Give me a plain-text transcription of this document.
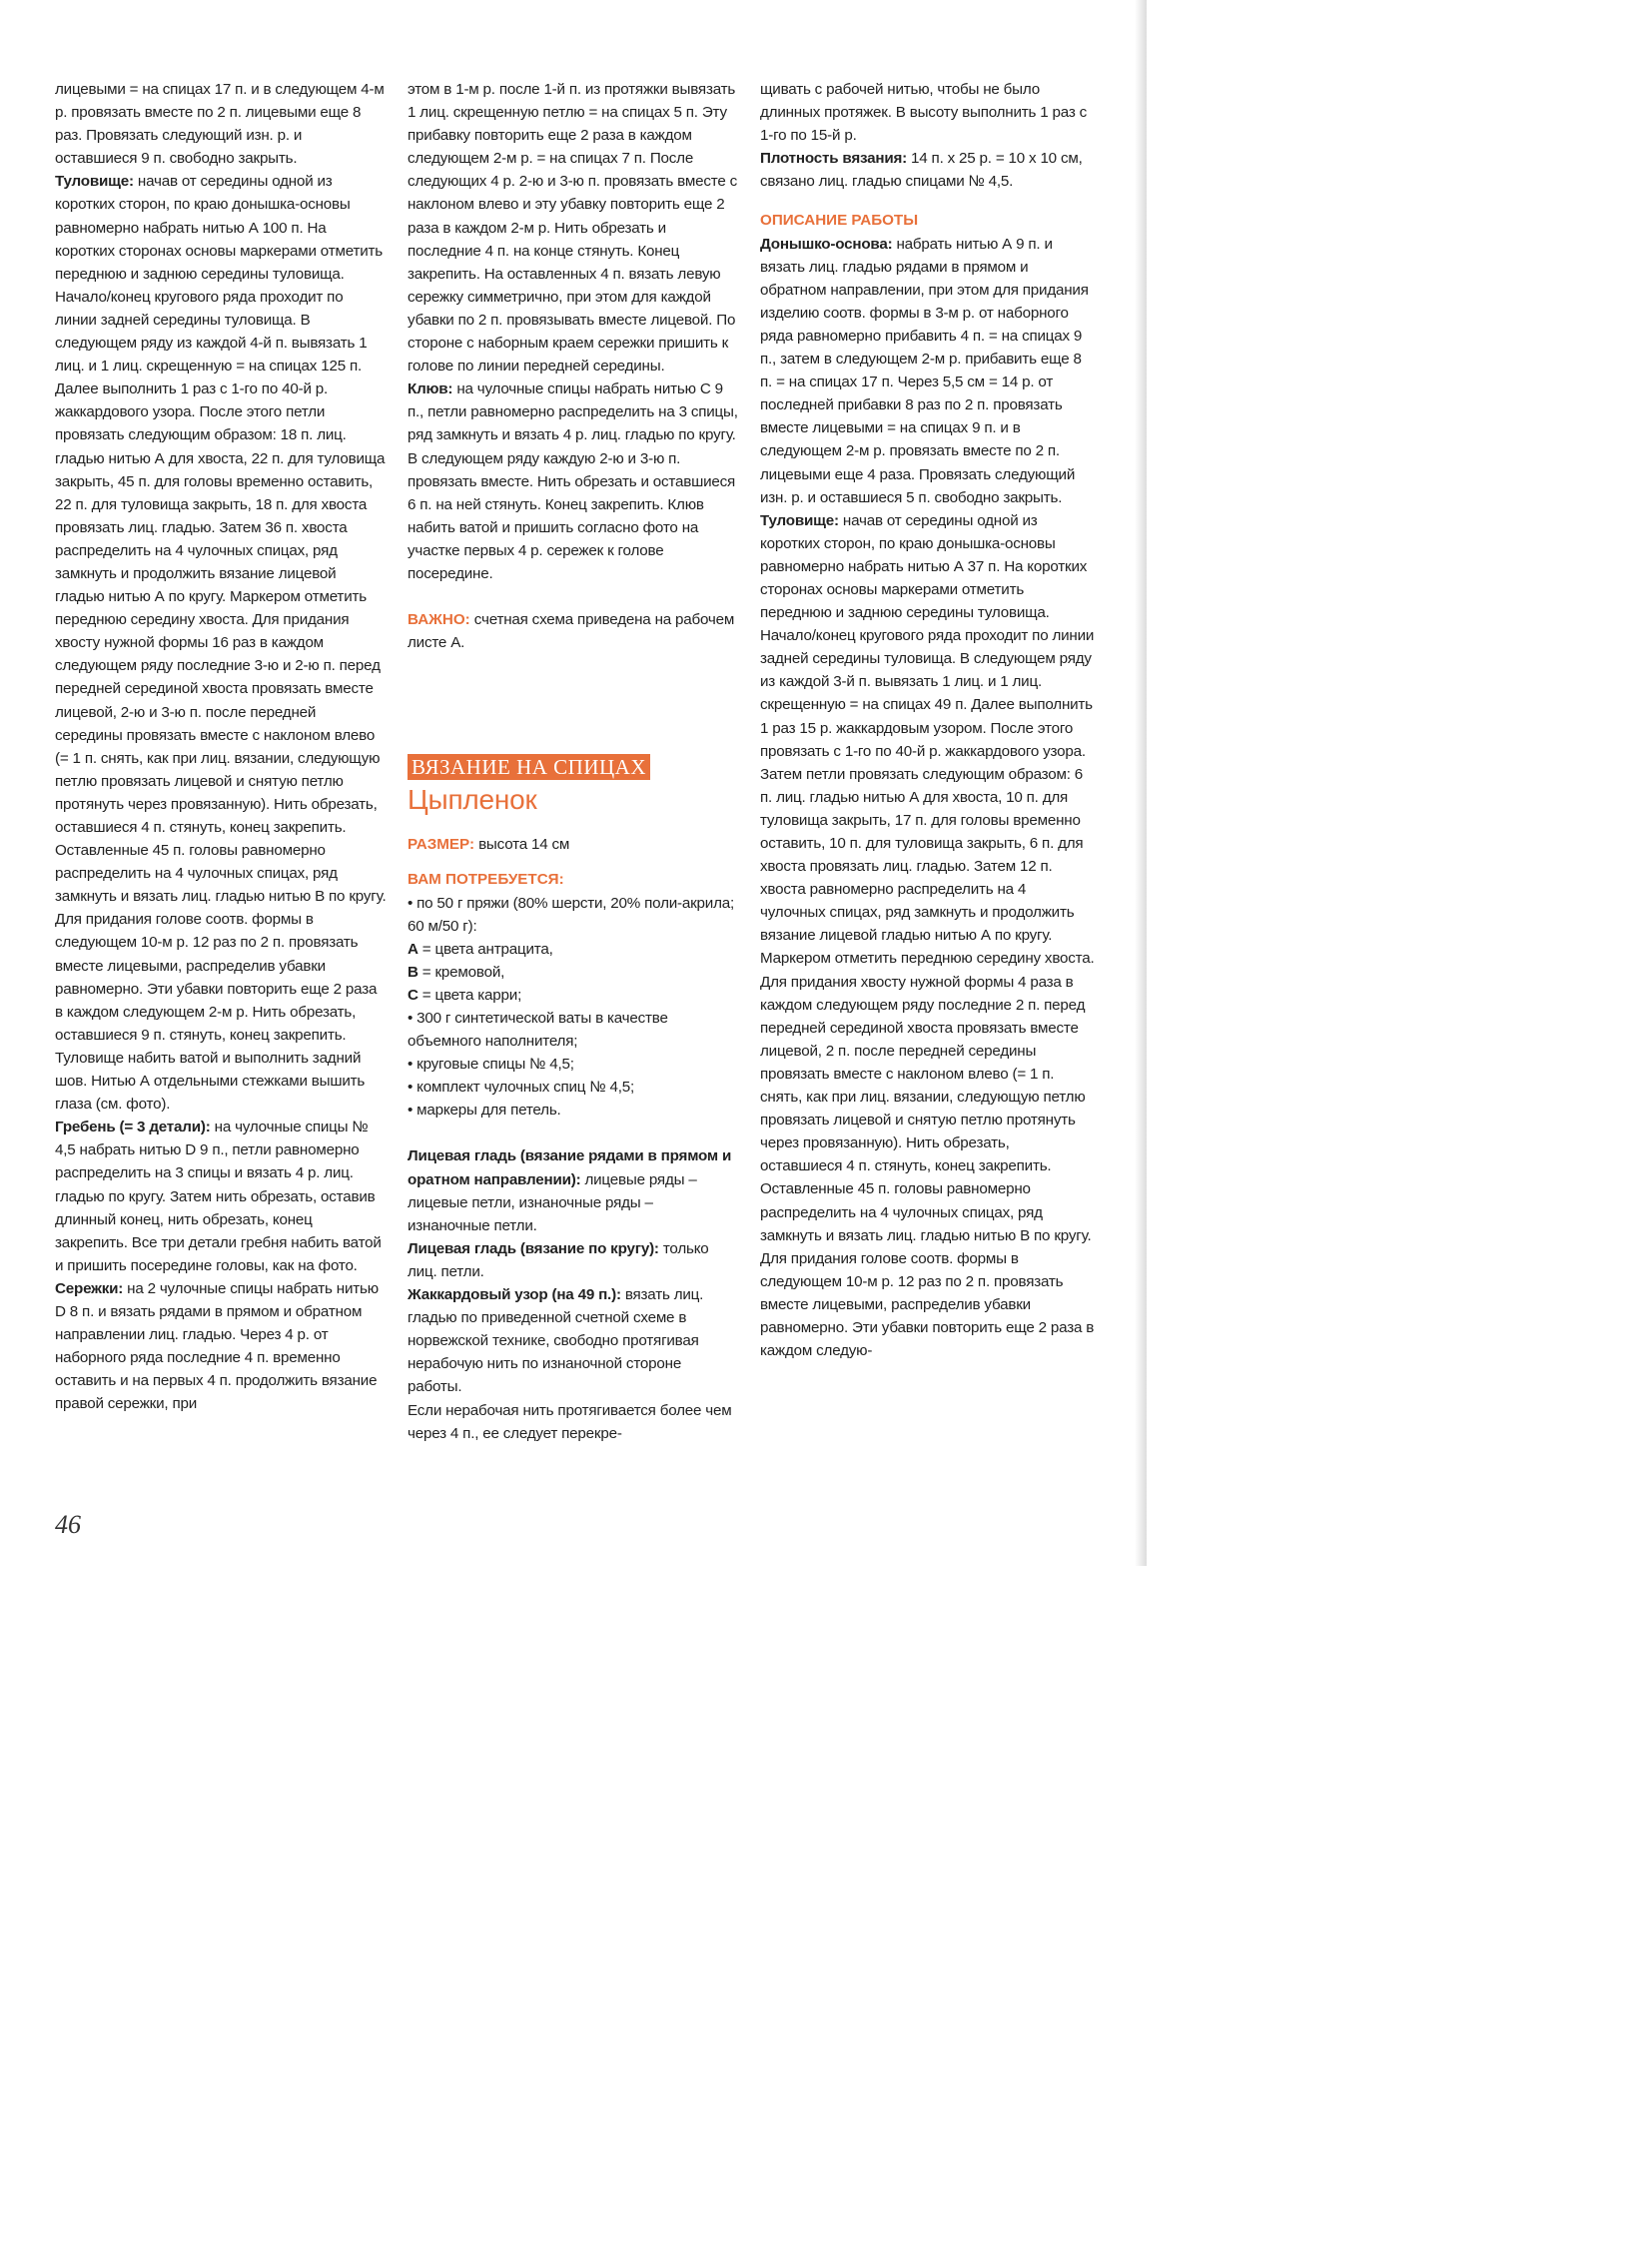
лицевыми = на спицах 17 п. и в следующем 4-м р. провязать вместе по 2 п. лицевыми еще 8 раз. Провязать следующий изн. р. и оставшиеся 9 п. свободно закрыть.

Туловище: начав от середины одной из коротких сторон, по краю донышка-основы равномерно набрать нитью А 100 п. На коротких сторонах основы маркерами отметить переднюю и заднюю середины туловища. Начало/конец кругового ряда проходит по линии задней середины туловища. В следующем ряду из каждой 4-й п. вывязать 1 лиц. и 1 лиц. скрещенную = на спицах 125 п. Далее выполнить 1 раз с 1-го по 40-й р. жаккардового узора. После этого петли провязать следующим образом: 18 п. лиц. гладью нитью А для хвоста, 22 п. для туловища закрыть, 45 п. для головы временно оставить, 22 п. для туловища закрыть, 18 п. для хвоста провязать лиц. гладью. Затем 36 п. хвоста распределить на 4 чулочных спицах, ряд замкнуть и продолжить вязание лицевой гладью нитью А по кругу. Маркером отметить переднюю середину хвоста. Для придания хвосту нужной формы 16 раз в каждом следующем ряду последние 3-ю и 2-ю п. перед передней серединой хвоста провязать вместе лицевой, 2-ю и 3-ю п. после передней середины провязать вместе с наклоном влево (= 1 п. снять, как при лиц. вязании, следующую петлю провязать лицевой и снятую петлю протянуть через провязанную). Нить обрезать, оставшиеся 4 п. стянуть, конец закрепить. Оставленные 45 п. головы равномерно распределить на 4 чулочных спицах, ряд замкнуть и вязать лиц. гладью нитью В по кругу. Для придания голове соотв. формы в следующем 10-м р. 12 раз по 2 п. провязать вместе лицевыми, распределив убавки равномерно. Эти убавки повторить еще 2 раза в каждом следующем 2-м р. Нить обрезать, оставшиеся 9 п. стянуть, конец закрепить.

Туловище набить ватой и выполнить задний шов. Нитью А отдельными стежками вышить глаза (см. фото).

Гребень (= 3 детали): на чулочные спицы № 4,5 набрать нитью D 9 п., петли равномерно распределить на 3 спицы и вязать 4 р. лиц. гладью по кругу. Затем нить обрезать, оставив длинный конец, нить обрезать, конец закрепить. Все три детали гребня набить ватой и пришить посередине головы, как на фото.

Сережки: на 2 чулочные спицы набрать нитью D 8 п. и вязать рядами в прямом и обратном направлении лиц. гладью. Через 4 р. от наборного ряда последние 4 п. временно оставить и на первых 4 п. продолжить вязание правой сережки, при

этом в 1-м р. после 1-й п. из протяжки вывязать 1 лиц. скрещенную петлю = на спицах 5 п. Эту прибавку повторить еще 2 раза в каждом следующем 2-м р. = на спицах 7 п. После следующих 4 р. 2-ю и 3-ю п. провязать вместе с наклоном влево и эту убавку повторить еще 2 раза в каждом 2-м р. Нить обрезать и последние 4 п. на конце стянуть. Конец закрепить. На оставленных 4 п. вязать левую сережку симметрично, при этом для каждой убавки по 2 п. провязывать вместе лицевой. По стороне с наборным краем сережки пришить к голове по линии передней середины.

Клюв: на чулочные спицы набрать нитью С 9 п., петли равномерно распределить на 3 спицы, ряд замкнуть и вязать 4 р. лиц. гладью по кругу. В следующем ряду каждую 2-ю и 3-ю п. провязать вместе. Нить обрезать и оставшиеся 6 п. на ней стянуть. Конец закрепить. Клюв набить ватой и пришить согласно фото на участке первых 4 р. сережек к голове посередине.

ВАЖНО: счетная схема приведена на рабочем листе А.

ВЯЗАНИЕ НА СПИЦАХ
Цыпленок

РАЗМЕР: высота 14 см

ВАМ ПОТРЕБУЕТСЯ:

• по 50 г пряжи (80% шерсти, 20% поли-акрила; 60 м/50 г):

А = цвета антрацита,

В = кремовой,

С = цвета карри;

• 300 г синтетической ваты в качестве объемного наполнителя;

• круговые спицы № 4,5;

• комплект чулочных спиц № 4,5;

• маркеры для петель.

Лицевая гладь (вязание рядами в прямом и оратном направлении): лицевые ряды – лицевые петли, изнаночные ряды – изнаночные петли.

Лицевая гладь (вязание по кругу): только лиц. петли.

Жаккардовый узор (на 49 п.): вязать лиц. гладью по приведенной счетной схеме в норвежской технике, свободно протягивая нерабочую нить по изнаночной стороне работы.

Если нерабочая нить протягивается более чем через 4 п., ее следует перекре-

щивать с рабочей нитью, чтобы не было длинных протяжек. В высоту выполнить 1 раз с 1-го по 15-й р.

Плотность вязания: 14 п. x 25 р. = 10 x 10 см, связано лиц. гладью спицами № 4,5.

ОПИСАНИЕ РАБОТЫ

Донышко-основа: набрать нитью А 9 п. и вязать лиц. гладью рядами в прямом и обратном направлении, при этом для придания изделию соотв. формы в 3-м р. от наборного ряда равномерно прибавить 4 п. = на спицах 9 п., затем в следующем 2-м р. прибавить еще 8 п. = на спицах 17 п. Через 5,5 см = 14 р. от последней прибавки 8 раз по 2 п. провязать вместе лицевыми = на спицах 9 п. и в следующем 2-м р. провязать вместе по 2 п. лицевыми еще 4 раза. Провязать следующий изн. р. и оставшиеся 5 п. свободно закрыть.

Туловище: начав от середины одной из коротких сторон, по краю донышка-основы равномерно набрать нитью А 37 п. На коротких сторонах основы маркерами отметить переднюю и заднюю середины туловища. Начало/конец кругового ряда проходит по линии задней середины туловища. В следующем ряду из каждой 3-й п. вывязать 1 лиц. и 1 лиц. скрещенную = на спицах 49 п. Далее выполнить 1 раз 15 р. жаккардовым узором. После этого провязать с 1-го по 40-й р. жаккардового узора. Затем петли провязать следующим образом: 6 п. лиц. гладью нитью А для хвоста, 10 п. для туловища закрыть, 17 п. для головы временно оставить, 10 п. для туловища закрыть, 6 п. для хвоста провязать лиц. гладью. Затем 12 п. хвоста равномерно распределить на 4 чулочных спицах, ряд замкнуть и продолжить вязание лицевой гладью нитью А по кругу. Маркером отметить переднюю середину хвоста. Для придания хвосту нужной формы 4 раза в каждом следующем ряду последние 2 п. перед передней серединой хвоста провязать вместе лицевой, 2 п. после передней середины провязать вместе с наклоном влево (= 1 п. снять, как при лиц. вязании, следующую петлю провязать лицевой и снятую петлю протянуть через провязанную). Нить обрезать, оставшиеся 4 п. стянуть, конец закрепить. Оставленные 45 п. головы равномерно распределить на 4 чулочных спицах, ряд замкнуть и вязать лиц. гладью нитью В по кругу. Для придания голове соотв. формы в следующем 10-м р. 12 раз по 2 п. провязать вместе лицевыми, распределив убавки равномерно. Эти убавки повторить еще 2 раза в каждом следую-

46
